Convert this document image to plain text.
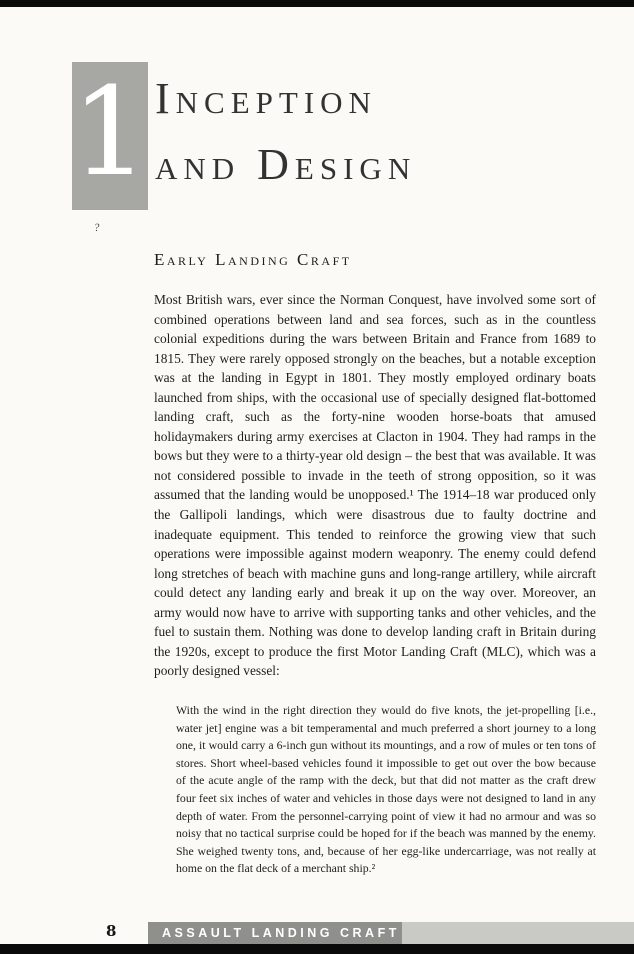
1 Inception
and Design
?
Early Landing Craft

Most British wars, ever since the Norman Conquest, have involved some sort of combined operations between land and sea forces, such as in the countless colonial expeditions during the wars between Britain and France from 1689 to 1815. They were rarely opposed strongly on the beaches, but a notable exception was at the landing in Egypt in 1801. They mostly employed ordinary boats launched from ships, with the occasional use of specially designed flat-bottomed landing craft, such as the forty-nine wooden horse-boats that amused holidaymakers during army exercises at Clacton in 1904. They had ramps in the bows but they were to a thirty-year old design – the best that was available. It was not considered possible to invade in the teeth of strong opposition, so it was assumed that the landing would be unopposed.¹ The 1914–18 war produced only the Gallipoli landings, which were disastrous due to faulty doctrine and inadequate equipment. This tended to reinforce the growing view that such operations were impossible against modern weaponry. The enemy could defend long stretches of beach with machine guns and long-range artillery, while aircraft could detect any landing early and break it up on the way over. Moreover, an army would now have to arrive with supporting tanks and other vehicles, and the fuel to sustain them. Nothing was done to develop landing craft in Britain during the 1920s, except to produce the first Motor Landing Craft (MLC), which was a poorly designed vessel:

With the wind in the right direction they would do five knots, the jet-propelling [i.e., water jet] engine was a bit temperamental and much preferred a short journey to a long one, it would carry a 6-inch gun without its mountings, and a row of mules or ten tons of stores. Short wheel-based vehicles found it impossible to get out over the bow because of the acute angle of the ramp with the deck, but that did not matter as the craft drew four feet six inches of water and vehicles in those days were not designed to land in any depth of water. From the personnel-carrying point of view it had no armour and was so noisy that no tactical surprise could be hoped for if the beach was manned by the enemy. She weighed twenty tons, and, because of her egg-like undercarriage, was not really at home on the flat deck of a merchant ship.²
8	ASSAULT LANDING CRAFT
